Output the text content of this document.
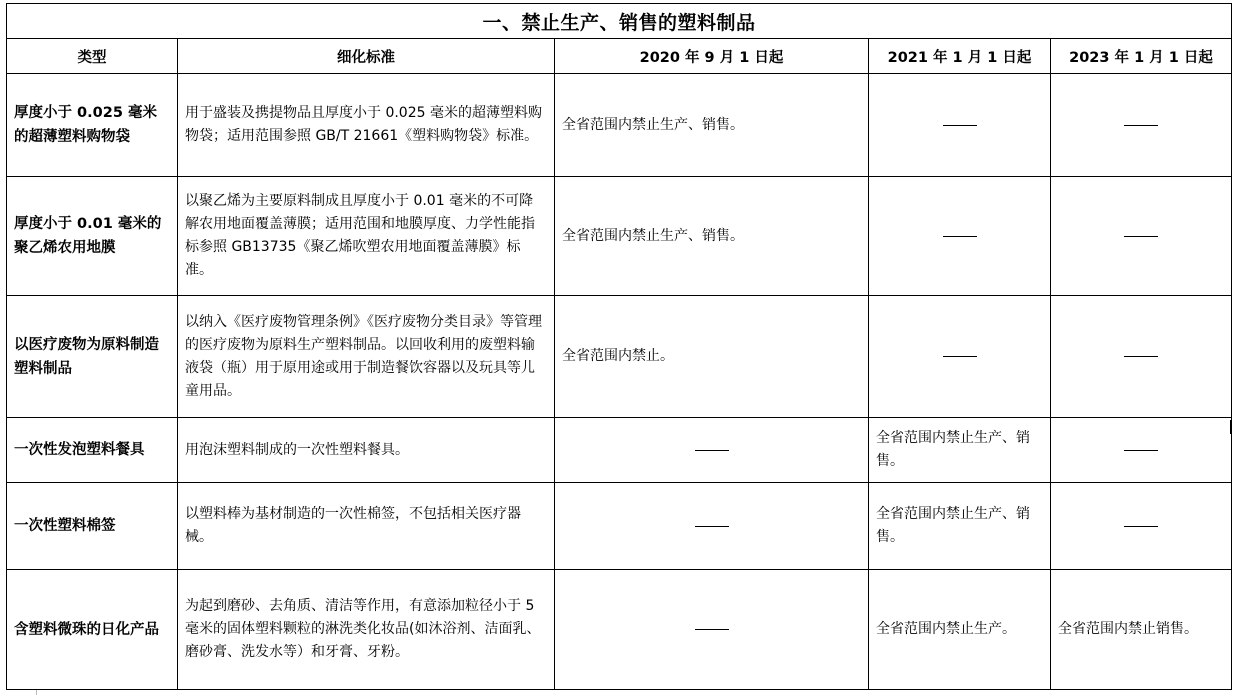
一、禁止生产、销售的塑料制品				
类型	细化标准	2020 年 9 月 1 日起	2021 年 1 月 1 日起	2023 年 1 月 1 日起
厚度小于 0.025 毫米的超薄塑料购物袋	用于盛装及携提物品且厚度小于 0.025 毫米的超薄塑料购物袋；适用范围参照 GB/T 21661《塑料购物袋》标准。	全省范围内禁止生产、销售。		
厚度小于 0.01 毫米的聚乙烯农用地膜	以聚乙烯为主要原料制成且厚度小于 0.01 毫米的不可降解农用地面覆盖薄膜；适用范围和地膜厚度、力学性能指标参照 GB13735《聚乙烯吹塑农用地面覆盖薄膜》标准。	全省范围内禁止生产、销售。		
以医疗废物为原料制造塑料制品	以纳入《医疗废物管理条例》《医疗废物分类目录》等管理的医疗废物为原料生产塑料制品。以回收利用的废塑料输液袋（瓶）用于原用途或用于制造餐饮容器以及玩具等儿童用品。	全省范围内禁止。		
一次性发泡塑料餐具	用泡沫塑料制成的一次性塑料餐具。		全省范围内禁止生产、销售。	
一次性塑料棉签	以塑料棒为基材制造的一次性棉签，不包括相关医疗器械。		全省范围内禁止生产、销售。	
含塑料微珠的日化产品	为起到磨砂、去角质、清洁等作用，有意添加粒径小于 5 毫米的固体塑料颗粒的淋洗类化妆品(如沐浴剂、洁面乳、磨砂膏、洗发水等）和牙膏、牙粉。		全省范围内禁止生产。	全省范围内禁止销售。
